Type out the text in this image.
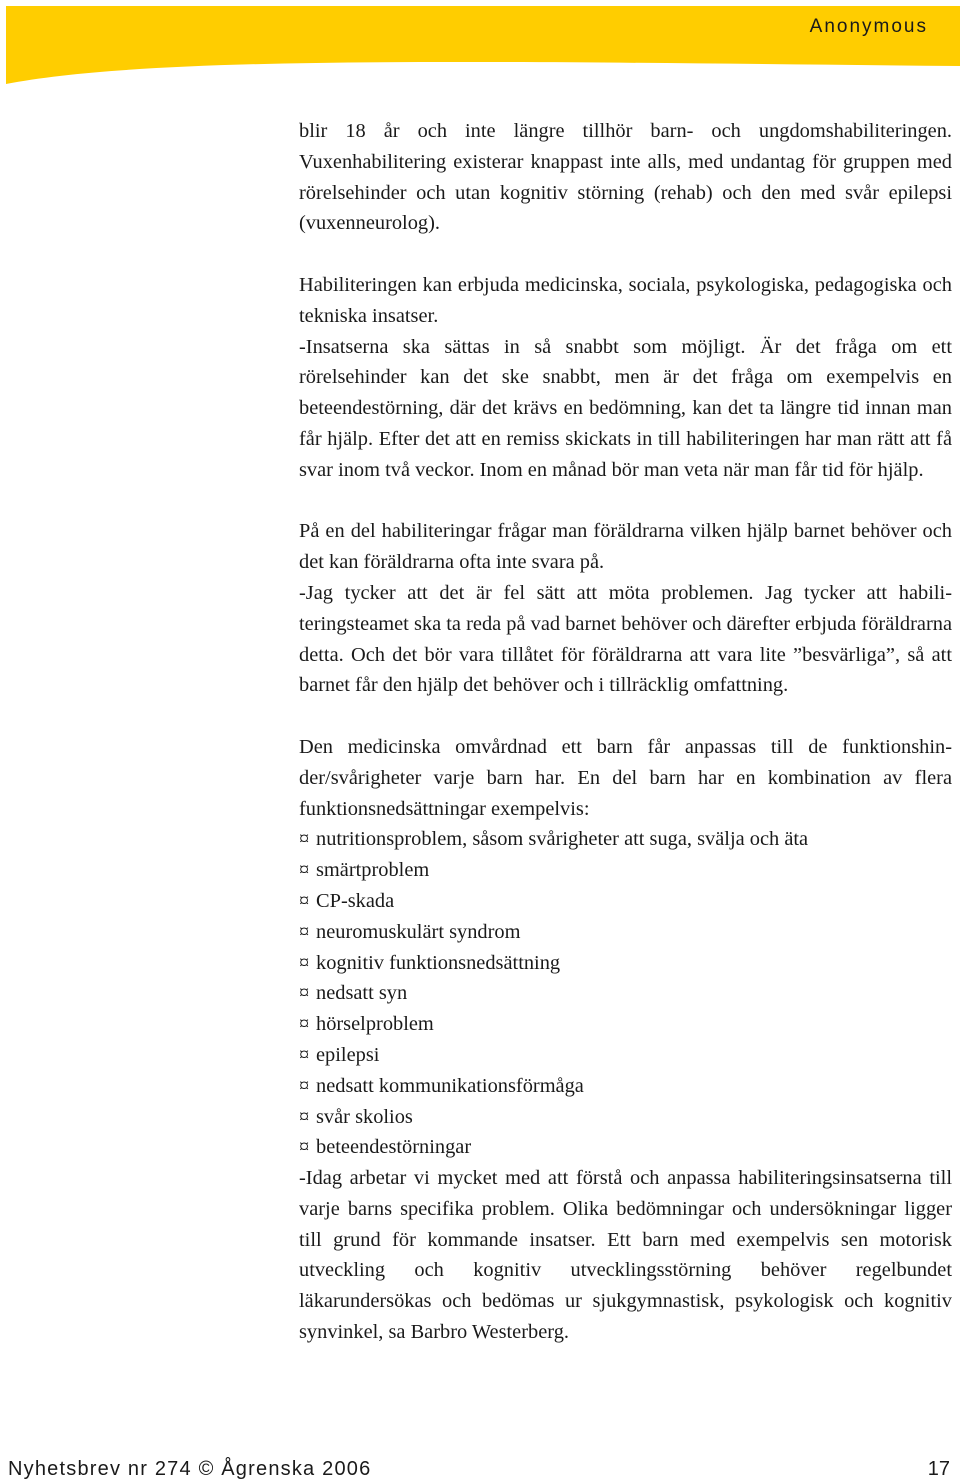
Anonymous

blir 18 år och inte längre tillhör barn- och ungdomshabiliteringen. Vuxenhabilitering existerar knappast inte alls, med undantag för gruppen med rörelsehinder och utan kognitiv störning (rehab) och den med svår epilepsi (vuxenneurolog).

Habiliteringen kan erbjuda medicinska, sociala, psykologiska, pedagogiska och tekniska insatser.

-Insatserna ska sättas in så snabbt som möjligt. Är det fråga om ett rörelsehinder kan det ske snabbt, men är det fråga om exempelvis en beteendestörning, där det krävs en bedömning, kan det ta längre tid innan man får hjälp. Efter det att en remiss skickats in till habiliteringen har man rätt att få svar inom två veckor. Inom en månad bör man veta när man får tid för hjälp.

På en del habiliteringar frågar man föräldrarna vilken hjälp barnet behöver och det kan föräldrarna ofta inte svara på.

-Jag tycker att det är fel sätt att möta problemen. Jag tycker att habiliteringsteamet ska ta reda på vad barnet behöver och därefter erbjuda föräldrarna detta. Och det bör vara tillåtet för föräldrarna att vara lite ”besvärliga”, så att barnet får den hjälp det behöver och i tillräcklig omfattning.

Den medicinska omvårdnad ett barn får anpassas till de funktionshinder/svårigheter varje barn har. En del barn har en kombination av flera funktionsnedsättningar exempelvis:

¤ nutritionsproblem, såsom svårigheter att suga, svälja och äta
¤ smärtproblem
¤ CP-skada
¤ neuromuskulärt syndrom
¤ kognitiv funktionsnedsättning
¤ nedsatt syn
¤ hörselproblem
¤ epilepsi
¤ nedsatt kommunikationsförmåga
¤ svår skolios
¤ beteendestörningar

-Idag arbetar vi mycket med att förstå och anpassa habiliteringsinsatserna till varje barns specifika problem. Olika bedömningar och undersökningar ligger till grund för kommande insatser. Ett barn med exempelvis sen motorisk utveckling och kognitiv utvecklingsstörning behöver regelbundet läkarundersökas och bedömas ur sjukgymnastisk, psykologisk och kognitiv synvinkel, sa Barbro Westerberg.

Nyhetsbrev nr 274 © Ågrenska 2006	17
